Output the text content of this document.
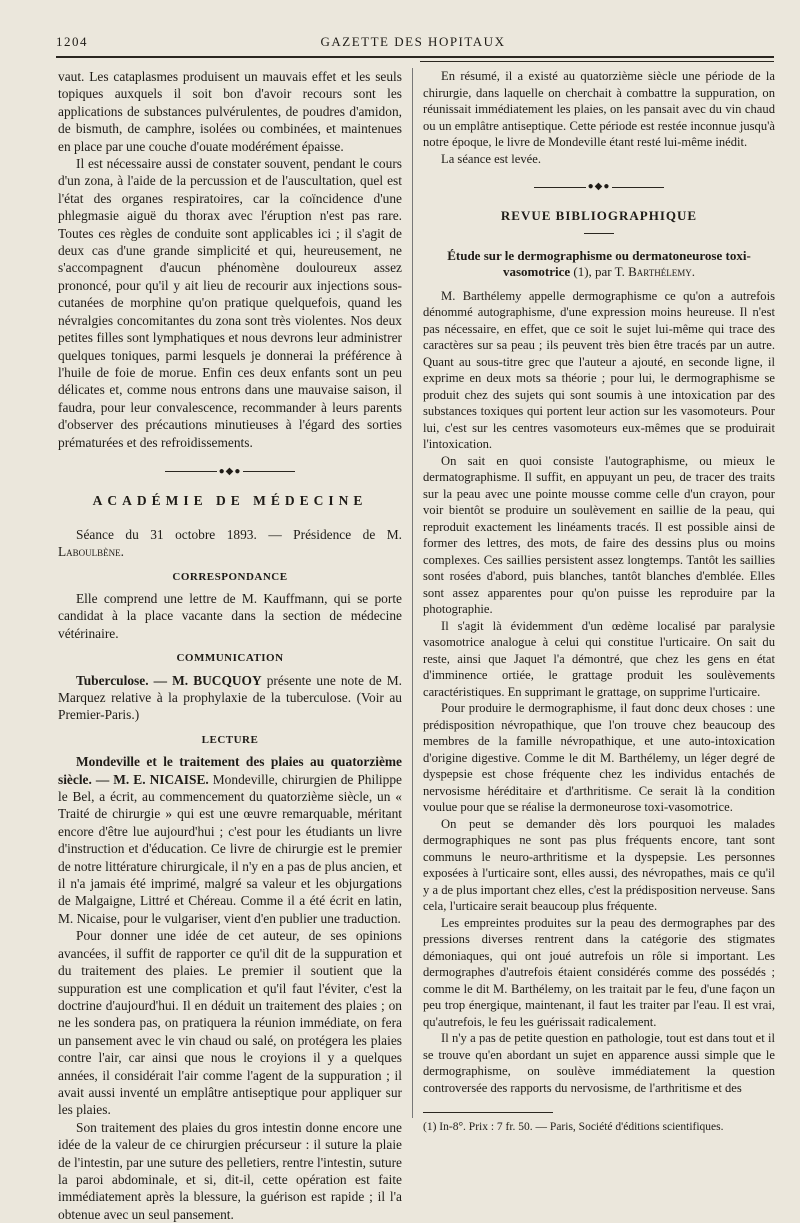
1204	GAZETTE DES HOPITAUX

vaut. Les cataplasmes produisent un mauvais effet et les seuls topiques auxquels il soit bon d'avoir recours sont les applications de substances pulvérulentes, de poudres d'amidon, de bismuth, de camphre, isolées ou combinées, et maintenues en place par une couche d'ouate modérément épaisse.

Il est nécessaire aussi de constater souvent, pendant le cours d'un zona, à l'aide de la percussion et de l'auscultation, quel est l'état des organes respiratoires, car la coïncidence d'une phlegmasie aiguë du thorax avec l'éruption n'est pas rare. Toutes ces règles de conduite sont applicables ici ; il s'agit de deux cas d'une grande simplicité et qui, heureusement, ne s'accompagnent d'aucun phénomène douloureux assez prononcé, pour qu'il y ait lieu de recourir aux injections sous-cutanées de morphine qu'on pratique quelquefois, quand les névralgies concomitantes du zona sont très violentes. Nos deux petites filles sont lymphatiques et nous devrons leur administrer quelques toniques, parmi lesquels je donnerai la préférence à l'huile de foie de morue. Enfin ces deux enfants sont un peu délicates et, comme nous entrons dans une mauvaise saison, il faudra, pour leur convalescence, recommander à leurs parents d'observer des précautions minutieuses à l'égard des sorties prématurées et des refroidissements.

●◆●
ACADÉMIE DE MÉDECINE

Séance du 31 octobre 1893. — Présidence de M. Laboulbène.

CORRESPONDANCE

Elle comprend une lettre de M. Kauffmann, qui se porte candidat à la place vacante dans la section de médecine vétérinaire.

COMMUNICATION

Tuberculose. — M. BUCQUOY présente une note de M. Marquez relative à la prophylaxie de la tuberculose. (Voir au Premier-Paris.)

LECTURE

Mondeville et le traitement des plaies au quatorzième siècle. — M. E. NICAISE. Mondeville, chirurgien de Philippe le Bel, a écrit, au commencement du quatorzième siècle, un « Traité de chirurgie » qui est une œuvre remarquable, méritant encore d'être lue aujourd'hui ; c'est pour les étudiants un livre d'instruction et d'éducation. Ce livre de chirurgie est le premier de notre littérature chirurgicale, il n'y en a pas de plus ancien, et il n'a jamais été imprimé, malgré sa valeur et les objurgations de Malgaigne, Littré et Chéreau. Comme il a été écrit en latin, M. Nicaise, pour le vulgariser, vient d'en publier une traduction.

Pour donner une idée de cet auteur, de ses opinions avancées, il suffit de rapporter ce qu'il dit de la suppuration et du traitement des plaies. Le premier il soutient que la suppuration est une complication et qu'il faut l'éviter, c'est la doctrine d'aujourd'hui. Il en déduit un traitement des plaies ; on ne les sondera pas, on pratiquera la réunion immédiate, on fera un pansement avec le vin chaud ou salé, on protégera les plaies contre l'air, car ainsi que nous le croyions il y a quelques années, il considérait l'air comme l'agent de la suppuration ; il avait aussi inventé un emplâtre antiseptique pour appliquer sur les plaies.

Son traitement des plaies du gros intestin donne encore une idée de la valeur de ce chirurgien précurseur : il suture la plaie de l'intestin, par une suture des pelletiers, rentre l'intestin, suture la paroi abdominale, et si, dit-il, cette opération est faite immédiatement après la blessure, la guérison est rapide ; il l'a obtenue avec un seul pansement.

En résumé, il a existé au quatorzième siècle une période de la chirurgie, dans laquelle on cherchait à combattre la suppuration, on réunissait immédiatement les plaies, on les pansait avec du vin chaud ou un emplâtre antiseptique. Cette période est restée inconnue jusqu'à notre époque, le livre de Mondeville étant resté lui-même inédit.

La séance est levée.

●◆●
REVUE BIBLIOGRAPHIQUE
Étude sur le dermographisme ou dermatoneurose toxi-vasomotrice (1), par T. Barthélemy.

M. Barthélemy appelle dermographisme ce qu'on a autrefois dénommé autographisme, d'une expression moins heureuse. Il n'est pas nécessaire, en effet, que ce soit le sujet lui-même qui trace des caractères sur sa peau ; ils peuvent très bien être tracés par un autre. Quant au sous-titre grec que l'auteur a ajouté, en seconde ligne, il exprime en deux mots sa théorie ; pour lui, le dermographisme se produit chez des sujets qui sont soumis à une intoxication par des substances toxiques qui portent leur action sur les vasomoteurs. Pour lui, c'est sur les centres vasomoteurs eux-mêmes que se produirait l'intoxication.

On sait en quoi consiste l'autographisme, ou mieux le dermatographisme. Il suffit, en appuyant un peu, de tracer des traits sur la peau avec une pointe mousse comme celle d'un crayon, pour voir bientôt se produire un soulèvement en saillie de la peau, qui reproduit exactement les linéaments tracés. Il est possible ainsi de former des lettres, des mots, de faire des dessins plus ou moins complexes. Ces saillies persistent assez longtemps. Tantôt les saillies sont rosées d'abord, puis blanches, tantôt blanches d'emblée. Elles sont assez apparentes pour qu'on puisse les reproduire par la photographie.

Il s'agit là évidemment d'un œdème localisé par paralysie vasomotrice analogue à celui qui constitue l'urticaire. On sait du reste, ainsi que Jaquet l'a démontré, que chez les gens en état d'imminence ortiée, le grattage produit les soulèvements caractéristiques. En supprimant le grattage, on supprime l'urticaire.

Pour produire le dermographisme, il faut donc deux choses : une prédisposition névropathique, que l'on trouve chez beaucoup des membres de la famille névropathique, et une auto-intoxication d'origine digestive. Comme le dit M. Barthélemy, un léger degré de dyspepsie est chose fréquente chez les individus entachés de nervosisme héréditaire et d'arthritisme. Ce serait là la condition voulue pour que se réalise la dermoneurose toxi-vasomotrice.

On peut se demander dès lors pourquoi les malades dermographiques ne sont pas plus fréquents encore, tant sont communs le neuro-arthritisme et la dyspepsie. Les personnes exposées à l'urticaire sont, elles aussi, des névropathes, mais ce qu'il y a de plus important chez elles, c'est la prédisposition nerveuse. Sans cela, l'urticaire serait beaucoup plus fréquente.

Les empreintes produites sur la peau des dermographes par des pressions diverses rentrent dans la catégorie des stigmates démoniaques, qui ont joué autrefois un rôle si important. Les dermographes d'autrefois étaient considérés comme des possédés ; comme le dit M. Barthélemy, on les traitait par le feu, d'une façon un peu trop énergique, maintenant, il faut les traiter par l'eau. Il est vrai, qu'autrefois, le feu les guérissait radicalement.

Il n'y a pas de petite question en pathologie, tout est dans tout et il se trouve qu'en abordant un sujet en apparence aussi simple que le dermographisme, on soulève immédiatement la question controversée des rapports du nervosisme, de l'arthritisme et des

(1) In-8°. Prix : 7 fr. 50. — Paris, Société d'éditions scientifiques.
